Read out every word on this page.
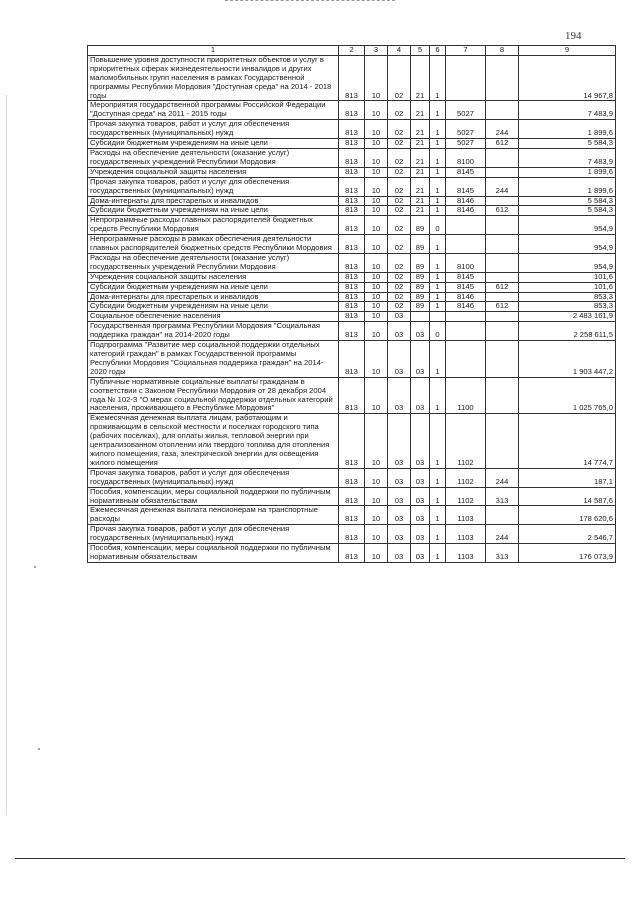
194
1	2	3	4	5	6	7	8	9
Повышение уровня доступности приоритетных объектов и услуг в приоритетных сферах жизнедеятельности инвалидов и других маломобильных групп населения в рамках Государственной программы Республики Мордовия "Доступная среда" на 2014 - 2018 годы	813	10	02	21	1			14 967,8
Мероприятия государственной программы Российской Федерации "Доступная среда" на 2011 - 2015 годы	813	10	02	21	1	5027		7 483,9
Прочая закупка товаров, работ и услуг для обеспечения государственных (муниципальных) нужд	813	10	02	21	1	5027	244	1 899,6
Субсидии бюджетным учреждениям на иные цели	813	10	02	21	1	5027	612	5 584,3
Расходы на обеспечение деятельности (оказание услуг) государственных учреждений Республики Мордовия	813	10	02	21	1	8100		7 483,9
Учреждения социальной защиты населения	813	10	02	21	1	8145		1 899,6
Прочая закупка товаров, работ и услуг для обеспечения государственных (муниципальных) нужд	813	10	02	21	1	8145	244	1 899,6
Дома-интернаты для престарелых и инвалидов	813	10	02	21	1	8146		5 584,3
Субсидии бюджетным учреждениям на иные цели	813	10	02	21	1	8146	612	5 584,3
Непрограммные расходы главных распорядителей бюджетных средств Республики Мордовия	813	10	02	89	0			954,9
Непрограммные расходы в рамках обеспечения деятельности главных распорядителей бюджетных средств Республики Мордовия	813	10	02	89	1			954,9
Расходы на обеспечение деятельности (оказание услуг) государственных учреждений Республики Мордовия	813	10	02	89	1	8100		954,9
Учреждения социальной защиты населения	813	10	02	89	1	8145		101,6
Субсидии бюджетным учреждениям на иные цели	813	10	02	89	1	8145	612	101,6
Дома-интернаты для престарелых и инвалидов	813	10	02	89	1	8146		853,3
Субсидии бюджетным учреждениям на иные цели	813	10	02	89	1	8146	612	853,3
Социальное обеспечение населения	813	10	03					2 483 161,9
Государственная программа Республики Мордовия "Социальная поддержка граждан" на 2014-2020 годы	813	10	03	03	0			2 258 611,5
Подпрограмма "Развитие мер социальной поддержки отдельных категорий граждан" в рамках Государственной программы Республики Мордовия "Социальная поддержка граждан" на 2014-2020 годы	813	10	03	03	1			1 903 447,2
Публичные нормативные социальные выплаты гражданам в соответствии с Законом Республики Мордовия от 28 декабря 2004 года № 102-З "О мерах социальной поддержки отдельных категорий населения, проживающего в Республике Мордовия"	813	10	03	03	1	1100		1 025 765,0
Ежемесячная денежная выплата лицам, работающим и проживающим в сельской местности и поселках городского типа (рабочих поселках), для оплаты жилья, тепловой энергии при централизованном отоплении или твердого топлива для отопления жилого помещения, газа, электрической энергии для освещения жилого помещения	813	10	03	03	1	1102		14 774,7
Прочая закупка товаров, работ и услуг для обеспечения государственных (муниципальных) нужд	813	10	03	03	1	1102	244	187,1
Пособия, компенсации, меры социальной поддержки по публичным нормативным обязательствам	813	10	03	03	1	1102	313	14 587,6
Ежемесячная денежная выплата пенсионерам на транспортные расходы	813	10	03	03	1	1103		178 620,6
Прочая закупка товаров, работ и услуг для обеспечения государственных (муниципальных) нужд	813	10	03	03	1	1103	244	2 546,7
Пособия, компенсации, меры социальной поддержки по публичным нормативным обязательствам	813	10	03	03	1	1103	313	176 073,9
